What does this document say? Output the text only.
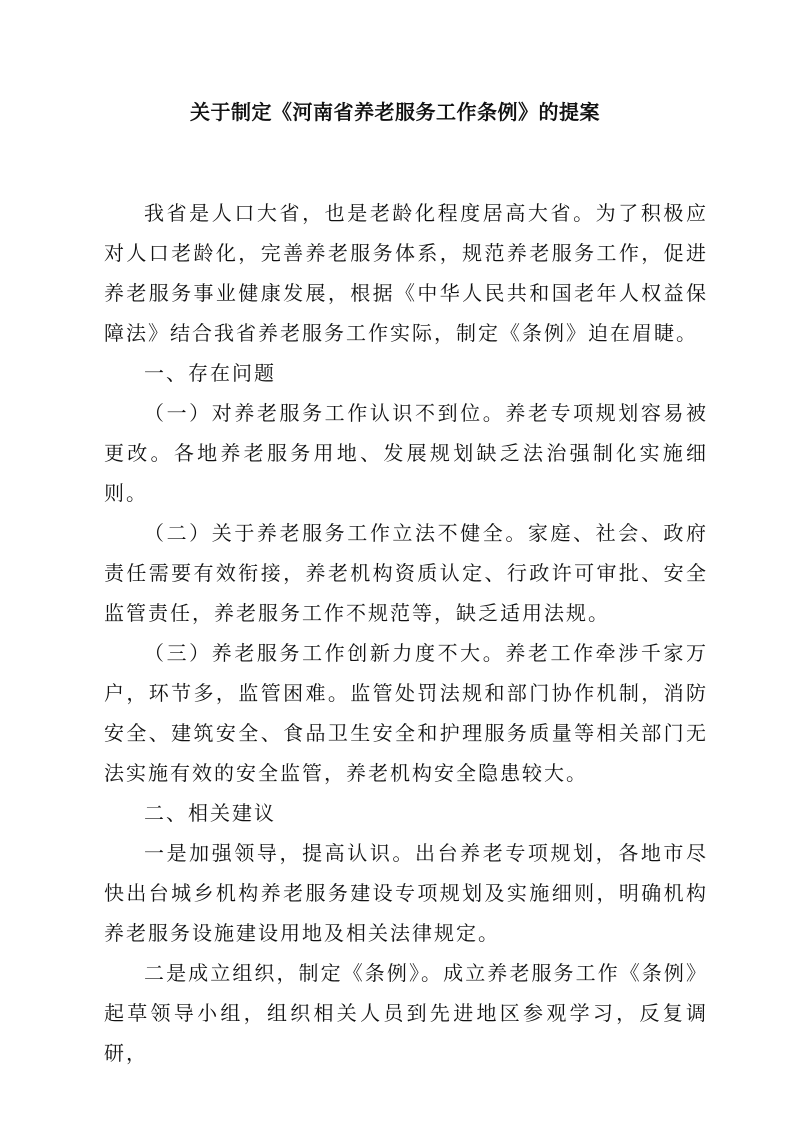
关于制定《河南省养老服务工作条例》的提案

我省是人口大省，也是老龄化程度居高大省。为了积极应对人口老龄化，完善养老服务体系，规范养老服务工作，促进养老服务事业健康发展，根据《中华人民共和国老年人权益保障法》结合我省养老服务工作实际，制定《条例》迫在眉睫。

一、存在问题

（一）对养老服务工作认识不到位。养老专项规划容易被更改。各地养老服务用地、发展规划缺乏法治强制化实施细则。

（二）关于养老服务工作立法不健全。家庭、社会、政府责任需要有效衔接，养老机构资质认定、行政许可审批、安全监管责任，养老服务工作不规范等，缺乏适用法规。

（三）养老服务工作创新力度不大。养老工作牵涉千家万户，环节多，监管困难。监管处罚法规和部门协作机制，消防安全、建筑安全、食品卫生安全和护理服务质量等相关部门无法实施有效的安全监管，养老机构安全隐患较大。

二、相关建议

一是加强领导，提高认识。出台养老专项规划，各地市尽快出台城乡机构养老服务建设专项规划及实施细则，明确机构养老服务设施建设用地及相关法律规定。

二是成立组织，制定《条例》。成立养老服务工作《条例》起草领导小组，组织相关人员到先进地区参观学习，反复调研，
